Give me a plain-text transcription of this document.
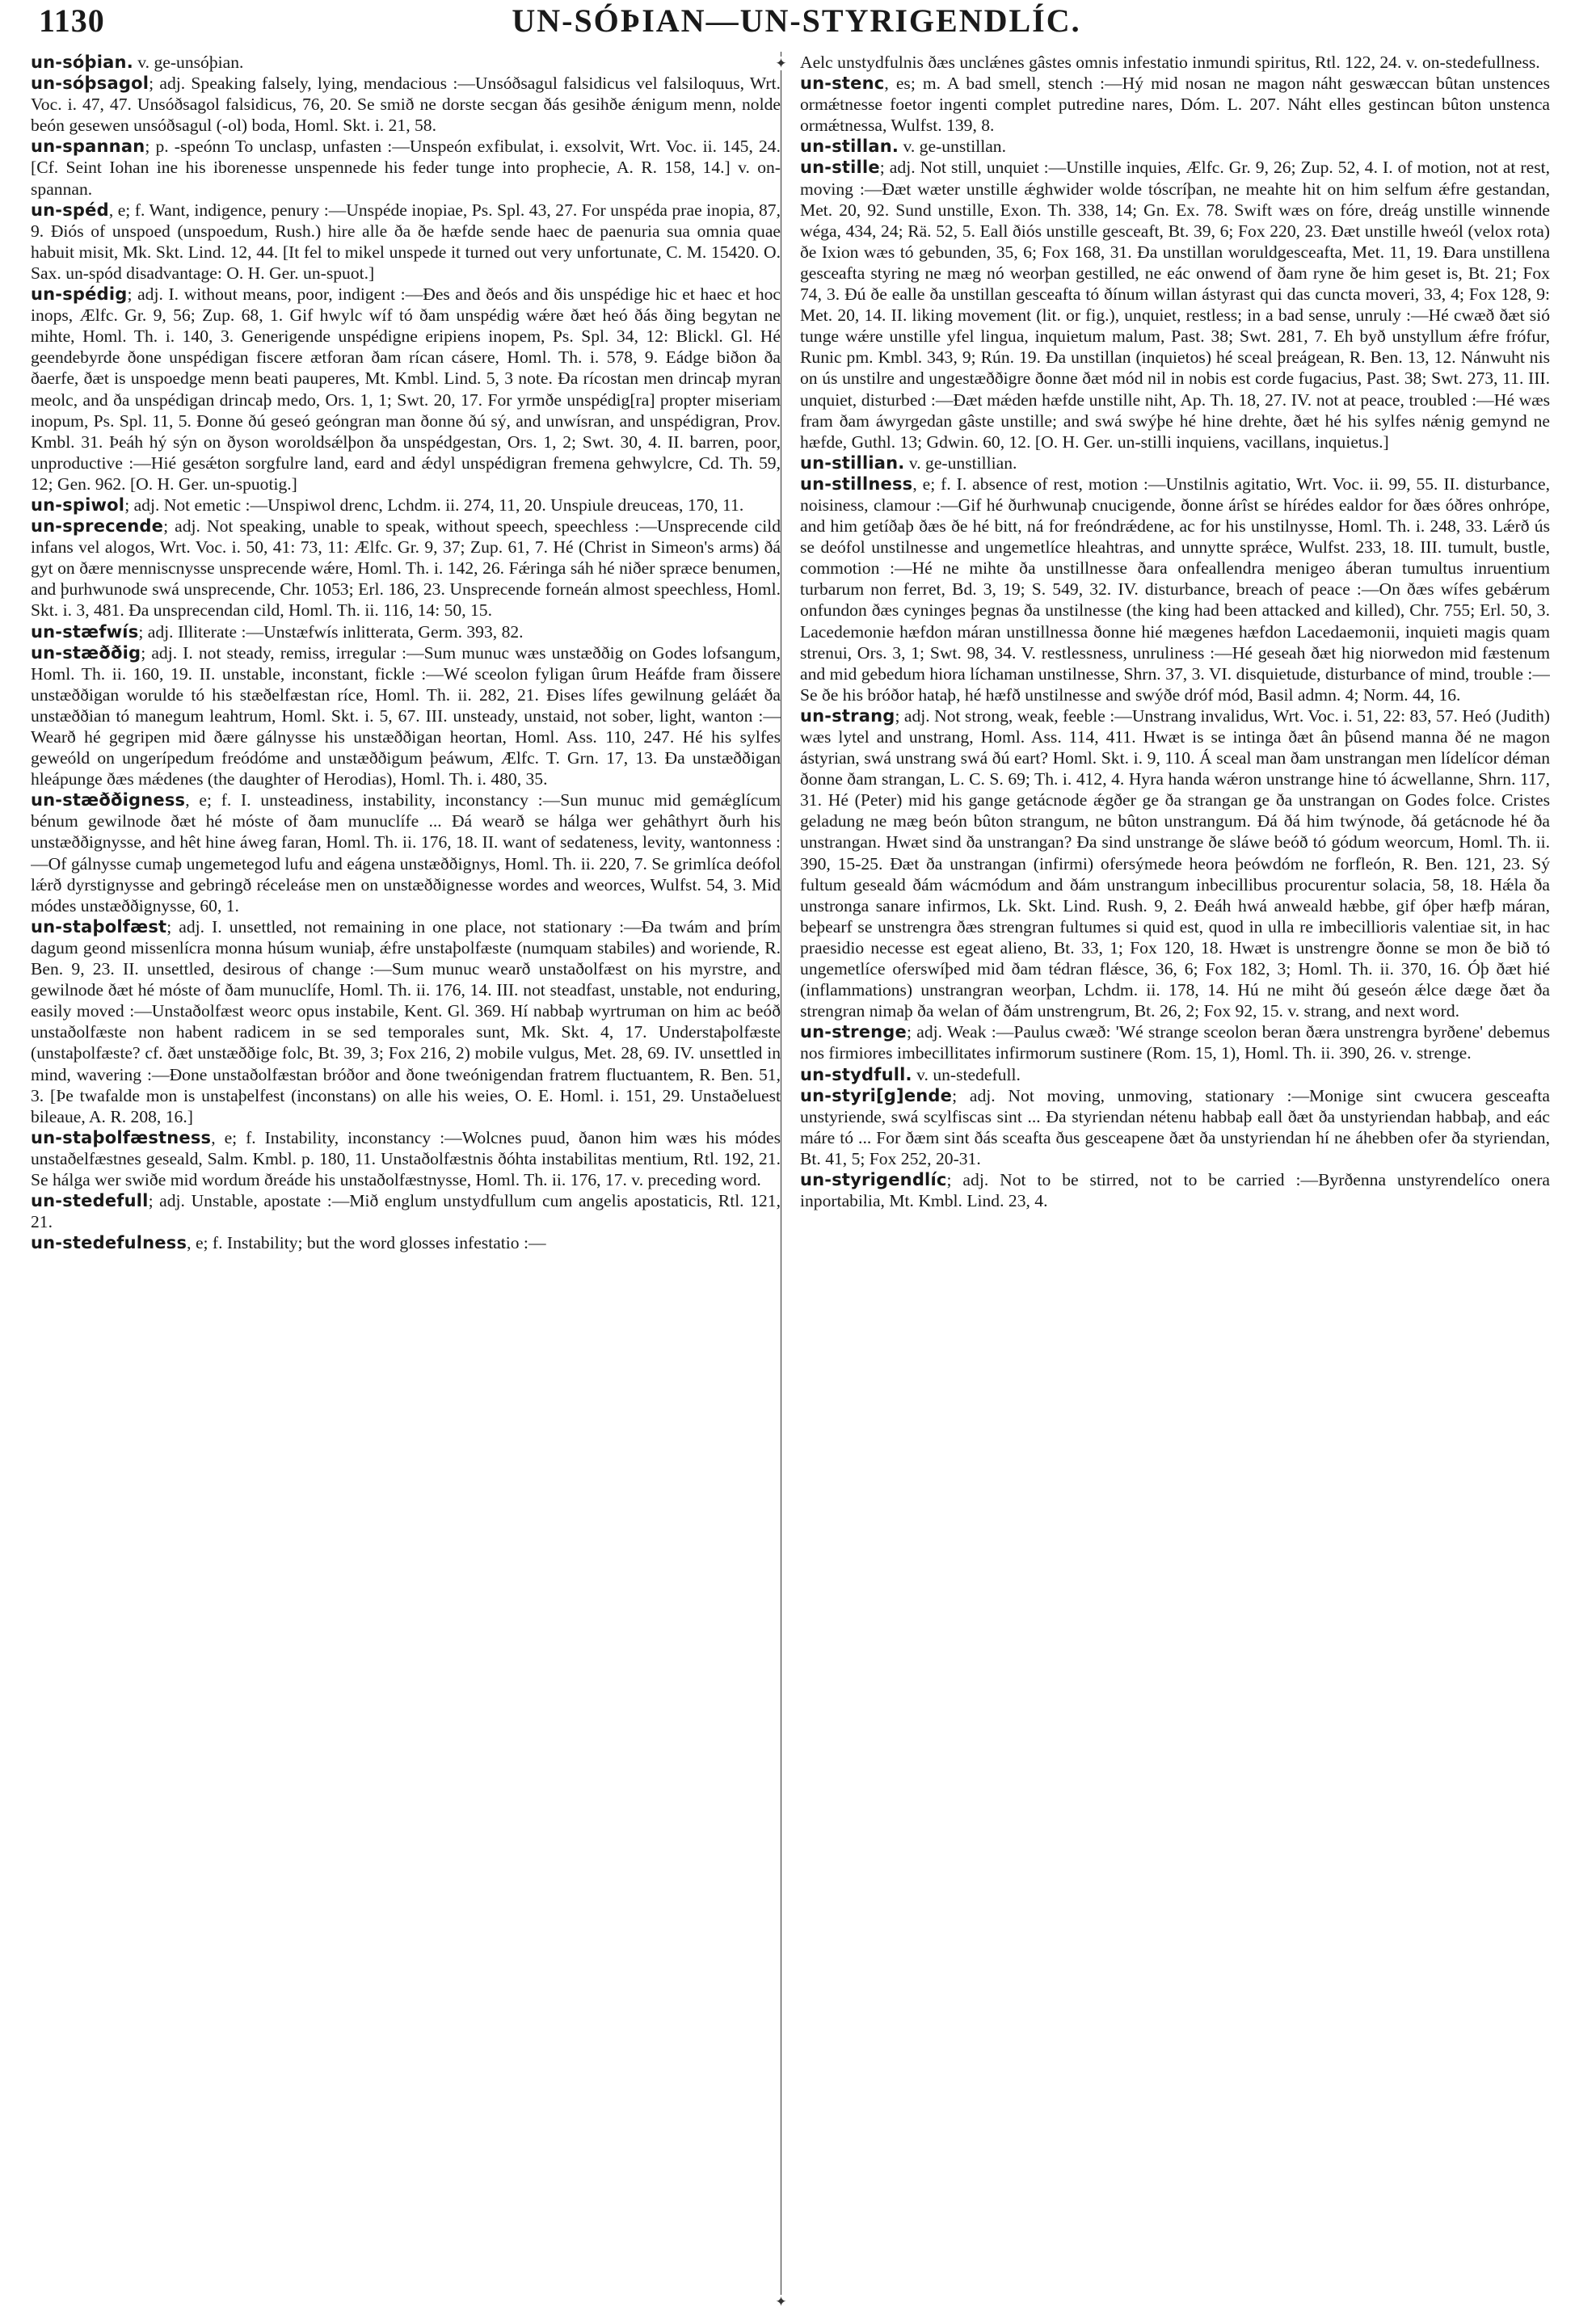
1130	UN-SÓÞIAN—UN-STYRIGENDLÍC.
✦
✦

un-sóþian. v. ge-unsóþian.

un-sóþsagol; adj. Speaking falsely, lying, mendacious :—Unsóðsagul falsidicus vel falsiloquus, Wrt. Voc. i. 47, 47. Unsóðsagol falsidicus, 76, 20. Se smið ne dorste secgan ðás gesihðe ǽnigum menn, nolde beón gesewen unsóðsagul (-ol) boda, Homl. Skt. i. 21, 58.

un-spannan; p. -speónn To unclasp, unfasten :—Unspeón exfibulat, i. exsolvit, Wrt. Voc. ii. 145, 24. [Cf. Seint Iohan ine his iborenesse unspennede his feder tunge into prophecie, A. R. 158, 14.] v. on-spannan.

un-spéd, e; f. Want, indigence, penury :—Unspéde inopiae, Ps. Spl. 43, 27. For unspéda prae inopia, 87, 9. Ðiós of unspoed (unspoedum, Rush.) hire alle ða ðe hæfde sende haec de paenuria sua omnia quae habuit misit, Mk. Skt. Lind. 12, 44. [It fel to mikel unspede it turned out very unfortunate, C. M. 15420. O. Sax. un-spód disadvantage: O. H. Ger. un-spuot.]

un-spédig; adj. I. without means, poor, indigent :—Ðes and ðeós and ðis unspédige hic et haec et hoc inops, Ælfc. Gr. 9, 56; Zup. 68, 1. Gif hwylc wíf tó ðam unspédig wǽre ðæt heó ðás ðing begytan ne mihte, Homl. Th. i. 140, 3. Generigende unspédigne eripiens inopem, Ps. Spl. 34, 12: Blickl. Gl. Hé geendebyrde ðone unspédigan fiscere ætforan ðam rícan cásere, Homl. Th. i. 578, 9. Eádge biðon ða ðaerfe, ðæt is unspoedge menn beati pauperes, Mt. Kmbl. Lind. 5, 3 note. Ða rícostan men drincaþ myran meolc, and ða unspédigan drincaþ medo, Ors. 1, 1; Swt. 20, 17. For yrmðe unspédig[ra] propter miseriam inopum, Ps. Spl. 11, 5. Ðonne ðú geseó geóngran man ðonne ðú sý, and unwísran, and unspédigran, Prov. Kmbl. 31. Þeáh hý sýn on ðyson woroldsǽlþon ða unspédgestan, Ors. 1, 2; Swt. 30, 4. II. barren, poor, unproductive :—Hié gesǽton sorgfulre land, eard and ǽdyl unspédigran fremena gehwylcre, Cd. Th. 59, 12; Gen. 962. [O. H. Ger. un-spuotig.]

un-spiwol; adj. Not emetic :—Unspiwol drenc, Lchdm. ii. 274, 11, 20. Unspiule dreuceas, 170, 11.

un-sprecende; adj. Not speaking, unable to speak, without speech, speechless :—Unsprecende cild infans vel alogos, Wrt. Voc. i. 50, 41: 73, 11: Ælfc. Gr. 9, 37; Zup. 61, 7. Hé (Christ in Simeon's arms) ðá gyt on ðære menniscnysse unsprecende wǽre, Homl. Th. i. 142, 26. Fǽringa sáh hé niðer spræce benumen, and þurhwunode swá unsprecende, Chr. 1053; Erl. 186, 23. Unsprecende forneán almost speechless, Homl. Skt. i. 3, 481. Ða unsprecendan cild, Homl. Th. ii. 116, 14: 50, 15.

un-stæfwís; adj. Illiterate :—Unstæfwís inlitterata, Germ. 393, 82.

un-stæððig; adj. I. not steady, remiss, irregular :—Sum munuc wæs unstæððig on Godes lofsangum, Homl. Th. ii. 160, 19. II. unstable, inconstant, fickle :—Wé sceolon fyligan ûrum Heáfde fram ðissere unstæððigan worulde tó his stæðelfæstan ríce, Homl. Th. ii. 282, 21. Ðises lífes gewilnung geláǽt ða unstæððian tó manegum leahtrum, Homl. Skt. i. 5, 67. III. unsteady, unstaid, not sober, light, wanton :—Wearð hé gegripen mid ðære gálnysse his unstæððigan heortan, Homl. Ass. 110, 247. Hé his sylfes geweóld on ungerípedum freódóme and unstæððigum þeáwum, Ælfc. T. Grn. 17, 13. Ða unstæððigan hleápunge ðæs mǽdenes (the daughter of Herodias), Homl. Th. i. 480, 35.

un-stæððigness, e; f. I. unsteadiness, instability, inconstancy :—Sun munuc mid gemǽglícum bénum gewilnode ðæt hé móste of ðam munuclífe ... Ðá wearð se hálga wer gehâthyrt ðurh his unstæððignysse, and hêt hine áweg faran, Homl. Th. ii. 176, 18. II. want of sedateness, levity, wantonness :—Of gálnysse cumaþ ungemetegod lufu and eágena unstæððignys, Homl. Th. ii. 220, 7. Se grimlíca deófol lǽrð dyrstignysse and gebringð réceleáse men on unstæððignesse wordes and weorces, Wulfst. 54, 3. Mid módes unstæððignysse, 60, 1.

un-staþolfæst; adj. I. unsettled, not remaining in one place, not stationary :—Ða twám and þrím dagum geond missenlícra monna húsum wuniaþ, ǽfre unstaþolfæste (numquam stabiles) and woriende, R. Ben. 9, 23. II. unsettled, desirous of change :—Sum munuc wearð unstaðolfæst on his myrstre, and gewilnode ðæt hé móste of ðam munuclífe, Homl. Th. ii. 176, 14. III. not steadfast, unstable, not enduring, easily moved :—Unstaðolfæst weorc opus instabile, Kent. Gl. 369. Hí nabbaþ wyrtruman on him ac beóð unstaðolfæste non habent radicem in se sed temporales sunt, Mk. Skt. 4, 17. Understaþolfæste (unstaþolfæste? cf. ðæt unstæððige folc, Bt. 39, 3; Fox 216, 2) mobile vulgus, Met. 28, 69. IV. unsettled in mind, wavering :—Ðone unstaðolfæstan bróðor and ðone tweónigendan fratrem fluctuantem, R. Ben. 51, 3. [Þe twafalde mon is unstaþelfest (inconstans) on alle his weies, O. E. Homl. i. 151, 29. Unstaðeluest bileaue, A. R. 208, 16.]

un-staþolfæstness, e; f. Instability, inconstancy :—Wolcnes puud, ðanon him wæs his módes unstaðelfæstnes geseald, Salm. Kmbl. p. 180, 11. Unstaðolfæstnis ðóhta instabilitas mentium, Rtl. 192, 21. Se hálga wer swiðe mid wordum ðreáde his unstaðolfæstnysse, Homl. Th. ii. 176, 17. v. preceding word.

un-stedefull; adj. Unstable, apostate :—Mið englum unstydfullum cum angelis apostaticis, Rtl. 121, 21.

un-stedefulness, e; f. Instability; but the word glosses infestatio :—

Aelc unstydfulnis ðæs unclǽnes gâstes omnis infestatio inmundi spiritus, Rtl. 122, 24. v. on-stedefullness.

un-stenc, es; m. A bad smell, stench :—Hý mid nosan ne magon náht geswæccan bûtan unstences ormǽtnesse foetor ingenti complet putredine nares, Dóm. L. 207. Náht elles gestincan bûton unstenca ormǽtnessa, Wulfst. 139, 8.

un-stillan. v. ge-unstillan.

un-stille; adj. Not still, unquiet :—Unstille inquies, Ælfc. Gr. 9, 26; Zup. 52, 4. I. of motion, not at rest, moving :—Ðæt wæter unstille ǽghwider wolde tóscríþan, ne meahte hit on him selfum ǽfre gestandan, Met. 20, 92. Sund unstille, Exon. Th. 338, 14; Gn. Ex. 78. Swift wæs on fóre, dreág unstille winnende wéga, 434, 24; Rä. 52, 5. Eall ðiós unstille gesceaft, Bt. 39, 6; Fox 220, 23. Ðæt unstille hweól (velox rota) ðe Ixion wæs tó gebunden, 35, 6; Fox 168, 31. Ða unstillan woruldgesceafta, Met. 11, 19. Ðara unstillena gesceafta styring ne mæg nó weorþan gestilled, ne eác onwend of ðam ryne ðe him geset is, Bt. 21; Fox 74, 3. Ðú ðe ealle ða unstillan gesceafta tó ðínum willan ástyrast qui das cuncta moveri, 33, 4; Fox 128, 9: Met. 20, 14. II. liking movement (lit. or fig.), unquiet, restless; in a bad sense, unruly :—Hé cwæð ðæt sió tunge wǽre unstille yfel lingua, inquietum malum, Past. 38; Swt. 281, 7. Eh byð unstyllum ǽfre frófur, Runic pm. Kmbl. 343, 9; Rún. 19. Ða unstillan (inquietos) hé sceal þreágean, R. Ben. 13, 12. Nánwuht nis on ús unstilre and ungestæððigre ðonne ðæt mód nil in nobis est corde fugacius, Past. 38; Swt. 273, 11. III. unquiet, disturbed :—Ðæt mǽden hæfde unstille niht, Ap. Th. 18, 27. IV. not at peace, troubled :—Hé wæs fram ðam áwyrgedan gâste unstille; and swá swýþe hé hine drehte, ðæt hé his sylfes nǽnig gemynd ne hæfde, Guthl. 13; Gdwin. 60, 12. [O. H. Ger. un-stilli inquiens, vacillans, inquietus.]

un-stillian. v. ge-unstillian.

un-stillness, e; f. I. absence of rest, motion :—Unstilnis agitatio, Wrt. Voc. ii. 99, 55. II. disturbance, noisiness, clamour :—Gif hé ðurhwunaþ cnucigende, ðonne árîst se hírédes ealdor for ðæs óðres onhrópe, and him getíðaþ ðæs ðe hé bitt, ná for freóndrǽdene, ac for his unstilnysse, Homl. Th. i. 248, 33. Lǽrð ús se deófol unstilnesse and ungemetlíce hleahtras, and unnytte sprǽce, Wulfst. 233, 18. III. tumult, bustle, commotion :—Hé ne mihte ða unstillnesse ðara onfeallendra menigeo áberan tumultus inruentium turbarum non ferret, Bd. 3, 19; S. 549, 32. IV. disturbance, breach of peace :—On ðæs wífes gebǽrum onfundon ðæs cyninges þegnas ða unstilnesse (the king had been attacked and killed), Chr. 755; Erl. 50, 3. Lacedemonie hæfdon máran unstillnessa ðonne hié mægenes hæfdon Lacedaemonii, inquieti magis quam strenui, Ors. 3, 1; Swt. 98, 34. V. restlessness, unruliness :—Hé geseah ðæt hig niorwedon mid fæstenum and mid gebedum hiora líchaman unstilnesse, Shrn. 37, 3. VI. disquietude, disturbance of mind, trouble :—Se ðe his bróðor hataþ, hé hæfð unstilnesse and swýðe dróf mód, Basil admn. 4; Norm. 44, 16.

un-strang; adj. Not strong, weak, feeble :—Unstrang invalidus, Wrt. Voc. i. 51, 22: 83, 57. Heó (Judith) wæs lytel and unstrang, Homl. Ass. 114, 411. Hwæt is se intinga ðæt ân þûsend manna ðé ne magon ástyrian, swá unstrang swá ðú eart? Homl. Skt. i. 9, 110. Á sceal man ðam unstrangan men lídelícor déman ðonne ðam strangan, L. C. S. 69; Th. i. 412, 4. Hyra handa wǽron unstrange hine tó ácwellanne, Shrn. 117, 31. Hé (Peter) mid his gange getácnode ǽgðer ge ða strangan ge ða unstrangan on Godes folce. Cristes geladung ne mæg beón bûton strangum, ne bûton unstrangum. Ðá ðá him twýnode, ðá getácnode hé ða unstrangan. Hwæt sind ða unstrangan? Ða sind unstrange ðe sláwe beóð tó gódum weorcum, Homl. Th. ii. 390, 15-25. Ðæt ða unstrangan (infirmi) ofersýmede heora þeówdóm ne forfleón, R. Ben. 121, 23. Sý fultum geseald ðám wácmódum and ðám unstrangum inbecillibus procurentur solacia, 58, 18. Hǽla ða unstronga sanare infirmos, Lk. Skt. Lind. Rush. 9, 2. Ðeáh hwá anweald hæbbe, gif óþer hæfþ máran, beþearf se unstrengra ðæs strengran fultumes si quid est, quod in ulla re imbecillioris valentiae sit, in hac praesidio necesse est egeat alieno, Bt. 33, 1; Fox 120, 18. Hwæt is unstrengre ðonne se mon ðe bið tó ungemetlíce oferswíþed mid ðam tédran flǽsce, 36, 6; Fox 182, 3; Homl. Th. ii. 370, 16. Óþ ðæt hié (inflammations) unstrangran weorþan, Lchdm. ii. 178, 14. Hú ne miht ðú geseón ǽlce dæge ðæt ða strengran nimaþ ða welan of ðám unstrengrum, Bt. 26, 2; Fox 92, 15. v. strang, and next word.

un-strenge; adj. Weak :—Paulus cwæð: 'Wé strange sceolon beran ðæra unstrengra byrðene' debemus nos firmiores imbecillitates infirmorum sustinere (Rom. 15, 1), Homl. Th. ii. 390, 26. v. strenge.

un-stydfull. v. un-stedefull.

un-styri[g]ende; adj. Not moving, unmoving, stationary :—Monige sint cwucera gesceafta unstyriende, swá scylfiscas sint ... Ða styriendan nétenu habbaþ eall ðæt ða unstyriendan habbaþ, and eác máre tó ... For ðæm sint ðás sceafta ðus gesceapene ðæt ða unstyriendan hí ne áhebben ofer ða styriendan, Bt. 41, 5; Fox 252, 20-31.

un-styrigendlíc; adj. Not to be stirred, not to be carried :—Byrðenna unstyrendelíco onera inportabilia, Mt. Kmbl. Lind. 23, 4.
